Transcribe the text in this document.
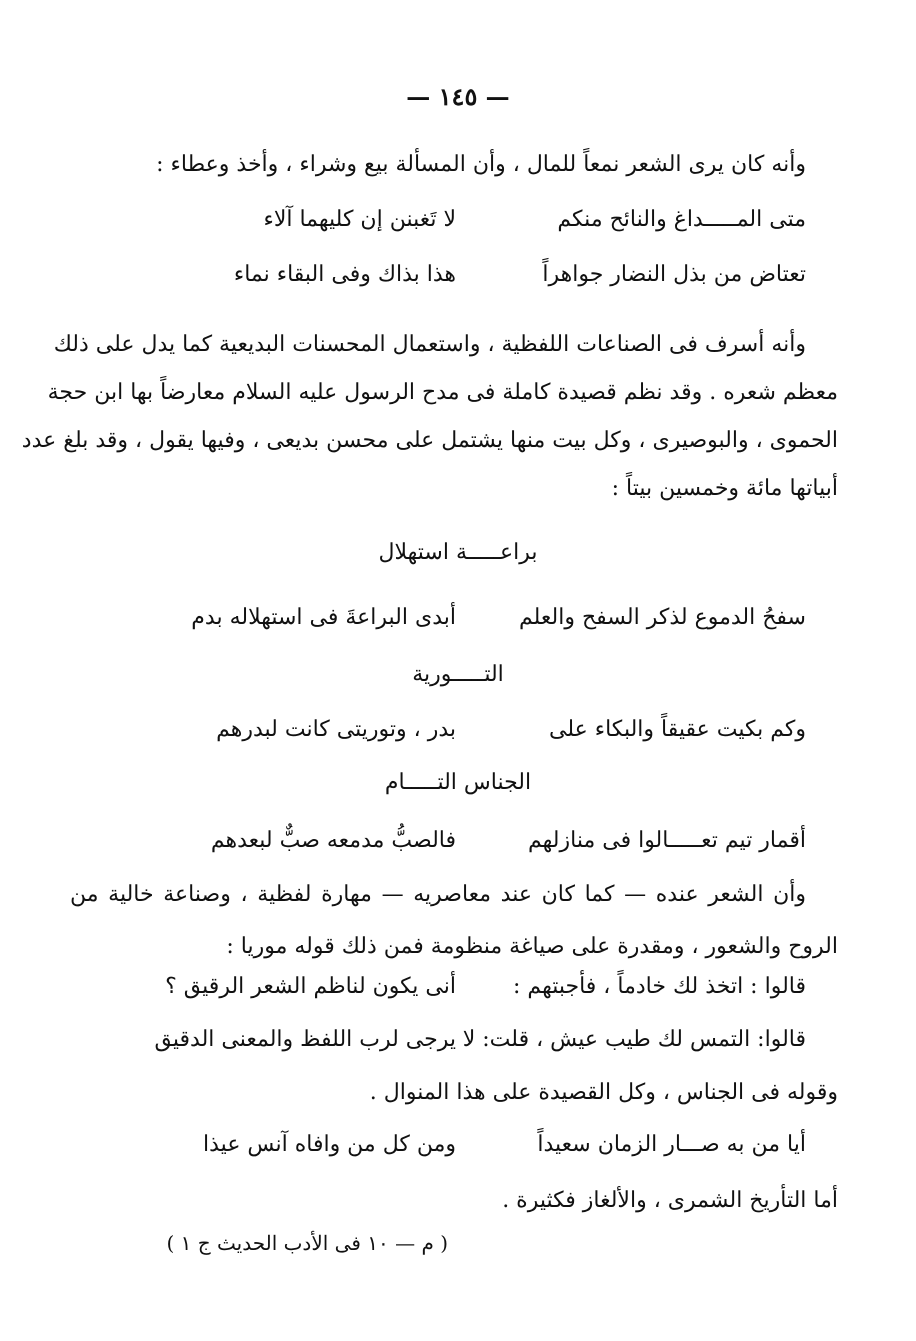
— ١٤٥ —
وأنه كان يرى الشعر نمعاً للمال ، وأن المسألة بيع وشراء ، وأخذ وعطاء :
متى المـــــداغ والنائح منكم
لا تَغبنن إن كليهما آلاء
تعتاض من بذل النضار جواهراً
هذا بذاك وفى البقاء نماء
وأنه أسرف فى الصناعات اللفظية ، واستعمال المحسنات البديعية كما يدل على ذلك
معظم شعره . وقد نظم قصيدة كاملة فى مدح الرسول عليه السلام معارضاً بها ابن حجة
الحموى ، والبوصيرى ، وكل بيت منها يشتمل على محسن بديعى ، وفيها يقول ، وقد بلغ عدد
أبياتها مائة وخمسين بيتاً :
براعـــــة استهلال
سفحُ الدموع لذكر السفح والعلم
أبدى البراعةَ فى استهلاله بدم
التـــــورية
وكم بكيت عقيقاً والبكاء على
بدر ، وتوريتى كانت لبدرهم
الجناس التـــــام
أقمار تيم تعـــــالوا فى منازلهم
فالصبُّ مدمعه صبٌّ لبعدهم
وأن الشعر عنده — كما كان عند معاصريه — مهارة لفظية ، وصناعة خالية من
الروح والشعور ، ومقدرة على صياغة منظومة فمن ذلك قوله موريا :
قالوا : اتخذ لك خادماً ، فأجبتهم :
أنى يكون لناظم الشعر الرقيق ؟
قالوا: التمس لك طيب عيش ، قلت: لا
يرجى لرب اللفظ والمعنى الدقيق
وقوله فى الجناس ، وكل القصيدة على هذا المنوال .
أيا من به صـــار الزمان سعيداً
ومن كل من وافاه آنس عيذا
أما التأريخ الشمرى ، والألغاز فكثيرة .
( م — ١٠ فى الأدب الحديث ج ١ )
